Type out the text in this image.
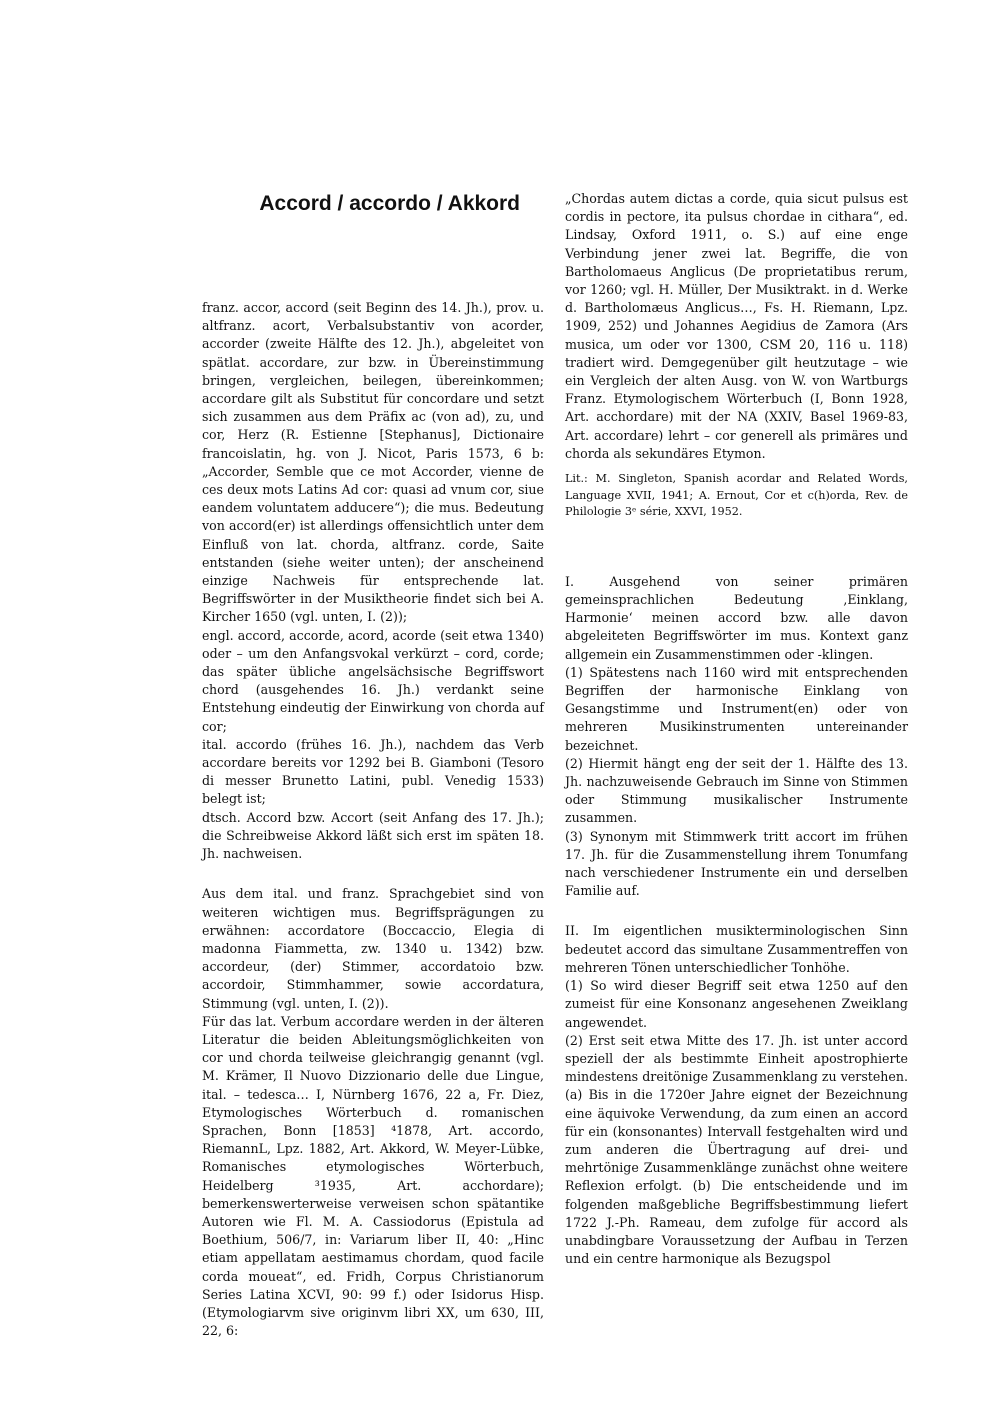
Accord / accordo / Akkord

franz. accor, accord (seit Beginn des 14. Jh.), prov. u. altfranz. acort, Verbalsubstantiv von acorder, accorder (zweite Hälfte des 12. Jh.), abgeleitet von spätlat. accordare, zur bzw. in Übereinstimmung bringen, vergleichen, beilegen, übereinkommen; accordare gilt als Substitut für concordare und setzt sich zusammen aus dem Präfix ac (von ad), zu, und cor, Herz (R. Estienne [Stephanus], Dictionaire francoislatin, hg. von J. Nicot, Paris 1573, 6 b: „Accorder, Semble que ce mot Accorder, vienne de ces deux mots Latins Ad cor: quasi ad vnum cor, siue eandem voluntatem adducere“); die mus. Bedeutung von accord(er) ist allerdings offensichtlich unter dem Einfluß von lat. chorda, altfranz. corde, Saite entstanden (siehe weiter unten); der anscheinend einzige Nachweis für entsprechende lat. Begriffswörter in der Musiktheorie findet sich bei A. Kircher 1650 (vgl. unten, I. (2));

engl. accord, accorde, acord, acorde (seit etwa 1340) oder – um den Anfangsvokal verkürzt – cord, corde; das später übliche angelsächsische Begriffswort chord (ausgehendes 16. Jh.) verdankt seine Entstehung eindeutig der Einwirkung von chorda auf cor;

ital. accordo (frühes 16. Jh.), nachdem das Verb accordare bereits vor 1292 bei B. Giamboni (Tesoro di messer Brunetto Latini, publ. Venedig 1533) belegt ist;

dtsch. Accord bzw. Accort (seit Anfang des 17. Jh.); die Schreibweise Akkord läßt sich erst im späten 18. Jh. nachweisen.

Aus dem ital. und franz. Sprachgebiet sind von weiteren wichtigen mus. Begriffsprägungen zu erwähnen: accordatore (Boccaccio, Elegia di madonna Fiammetta, zw. 1340 u. 1342) bzw. accordeur, (der) Stimmer, accordatoio bzw. accordoir, Stimmhammer, sowie accordatura, Stimmung (vgl. unten, I. (2)).

Für das lat. Verbum accordare werden in der älteren Literatur die beiden Ableitungsmöglichkeiten von cor und chorda teilweise gleichrangig genannt (vgl. M. Krämer, Il Nuovo Dizzionario delle due Lingue, ital. – tedesca… I, Nürnberg 1676, 22 a, Fr. Diez, Etymologisches Wörterbuch d. romanischen Sprachen, Bonn [1853] ⁴1878, Art. accordo, RiemannL, Lpz. 1882, Art. Akkord, W. Meyer-Lübke, Romanisches etymologisches Wörterbuch, Heidelberg ³1935, Art. acchordare); bemerkenswerterweise verweisen schon spätantike Autoren wie Fl. M. A. Cassiodorus (Epistula ad Boethium, 506/7, in: Variarum liber II, 40: „Hinc etiam appellatam aestimamus chordam, quod facile corda moueat“, ed. Fridh, Corpus Christianorum Series Latina XCVI, 90: 99 f.) oder Isidorus Hisp. (Etymologiarvm sive originvm libri XX, um 630, III, 22, 6:

„Chordas autem dictas a corde, quia sicut pulsus est cordis in pectore, ita pulsus chordae in cithara“, ed. Lindsay, Oxford 1911, o. S.) auf eine enge Verbindung jener zwei lat. Begriffe, die von Bartholomaeus Anglicus (De proprietatibus rerum, vor 1260; vgl. H. Müller, Der Musiktrakt. in d. Werke d. Bartholomæus Anglicus…, Fs. H. Riemann, Lpz. 1909, 252) und Johannes Aegidius de Zamora (Ars musica, um oder vor 1300, CSM 20, 116 u. 118) tradiert wird. Demgegenüber gilt heutzutage – wie ein Vergleich der alten Ausg. von W. von Wartburgs Franz. Etymologischem Wörterbuch (I, Bonn 1928, Art. acchordare) mit der NA (XXIV, Basel 1969-83, Art. accordare) lehrt – cor generell als primäres und chorda als sekundäres Etymon.

Lit.: M. Singleton, Spanish acordar and Related Words, Language XVII, 1941; A. Ernout, Cor et c(h)orda, Rev. de Philologie 3ᵉ série, XXVI, 1952.

I. Ausgehend von seiner primären gemeinsprachlichen Bedeutung ‚Einklang, Harmonie‘ meinen accord bzw. alle davon abgeleiteten Begriffswörter im mus. Kontext ganz allgemein ein Zusammenstimmen oder -klingen.

(1) Spätestens nach 1160 wird mit entsprechenden Begriffen der harmonische Einklang von Gesangstimme und Instrument(en) oder von mehreren Musikinstrumenten untereinander bezeichnet.

(2) Hiermit hängt eng der seit der 1. Hälfte des 13. Jh. nachzuweisende Gebrauch im Sinne von Stimmen oder Stimmung musikalischer Instrumente zusammen.

(3) Synonym mit Stimmwerk tritt accort im frühen 17. Jh. für die Zusammenstellung ihrem Tonumfang nach verschiedener Instrumente ein und derselben Familie auf.

II. Im eigentlichen musikterminologischen Sinn bedeutet accord das simultane Zusammentreffen von mehreren Tönen unterschiedlicher Tonhöhe.

(1) So wird dieser Begriff seit etwa 1250 auf den zumeist für eine Konsonanz angesehenen Zweiklang angewendet.

(2) Erst seit etwa Mitte des 17. Jh. ist unter accord speziell der als bestimmte Einheit apostrophierte mindestens dreitönige Zusammenklang zu verstehen. (a) Bis in die 1720er Jahre eignet der Bezeichnung eine äquivoke Verwendung, da zum einen an accord für ein (konsonantes) Intervall festgehalten wird und zum anderen die Übertragung auf drei- und mehrtönige Zusammenklänge zunächst ohne weitere Reflexion erfolgt. (b) Die entscheidende und im folgenden maßgebliche Begriffsbestimmung liefert 1722 J.-Ph. Rameau, dem zufolge für accord als unabdingbare Voraussetzung der Aufbau in Terzen und ein centre harmonique als Bezugspol
